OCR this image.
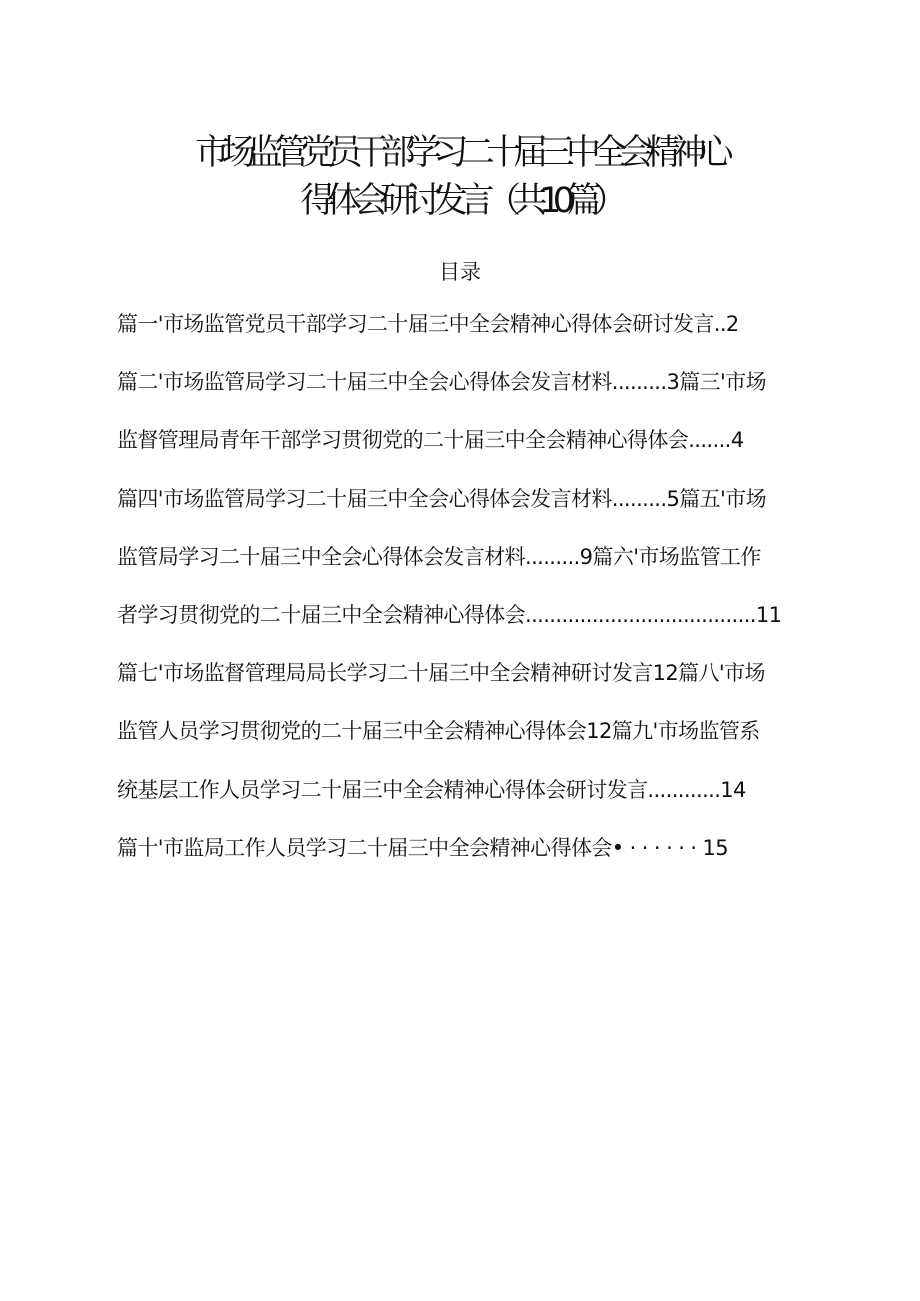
市场监管党员干部学习二十届三中全会精神心
得体会研讨发言（共10篇）
目录
篇一'市场监管党员干部学习二十届三中全会精神心得体会研讨发言..2
篇二'市场监管局学习二十届三中全会心得体会发言材料.........3篇三'市场
监督管理局青年干部学习贯彻党的二十届三中全会精神心得体会.......4
篇四'市场监管局学习二十届三中全会心得体会发言材料.........5篇五'市场
监管局学习二十届三中全会心得体会发言材料.........9篇六'市场监管工作
者学习贯彻党的二十届三中全会精神心得体会......................................11
篇七'市场监督管理局局长学习二十届三中全会精神研讨发言12篇八'市场
监管人员学习贯彻党的二十届三中全会精神心得体会12篇九'市场监管系
统基层工作人员学习二十届三中全会精神心得体会研讨发言............14
篇十'市监局工作人员学习二十届三中全会精神心得体会• · · · · · · 15
